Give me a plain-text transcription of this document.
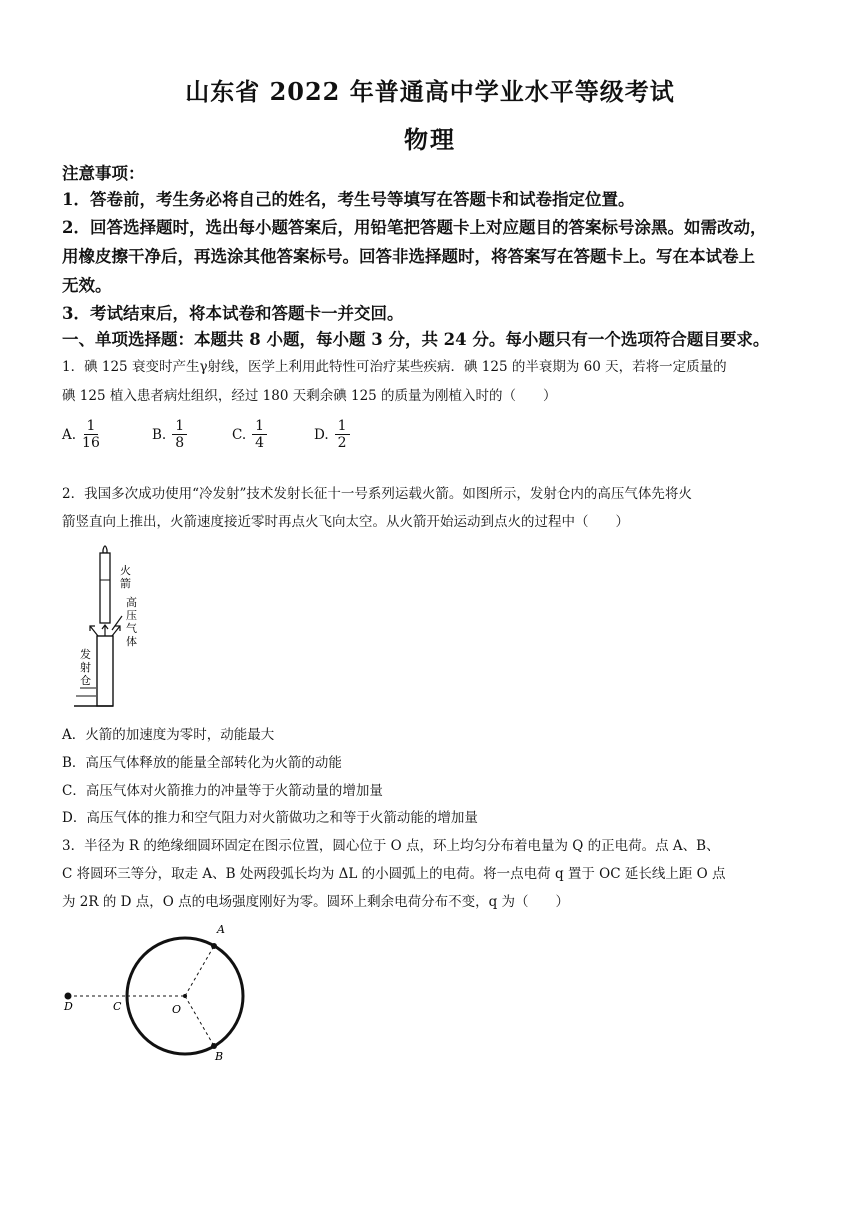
山东省 2022 年普通高中学业水平等级考试
物理
注意事项：
1．答卷前，考生务必将自己的姓名，考生号等填写在答题卡和试卷指定位置。
2．回答选择题时，选出每小题答案后，用铅笔把答题卡上对应题目的答案标号涂黑。如需改动，
用橡皮擦干净后，再选涂其他答案标号。回答非选择题时，将答案写在答题卡上。写在本试卷上
无效。
3．考试结束后，将本试卷和答题卡一并交回。
一、单项选择题：本题共 8 小题，每小题 3 分，共 24 分。每小题只有一个选项符合题目要求。
1．碘 125 衰变时产生γ射线，医学上利用此特性可治疗某些疾病．碘 125 的半衰期为 60 天，若将一定质量的
碘 125 植入患者病灶组织，经过 180 天剩余碘 125 的质量为刚植入时的（　　）
A. $\frac{1}{16}$	B. $\frac{1}{8}$	C. $\frac{1}{4}$	D. $\frac{1}{2}$
2．我国多次成功使用“冷发射”技术发射长征十一号系列运载火箭。如图所示，发射仓内的高压气体先将火
箭竖直向上推出，火箭速度接近零时再点火飞向太空。从火箭开始运动到点火的过程中（　　）
火
箭
高
压
气
体
发
射
仓
A．火箭的加速度为零时，动能最大
B．高压气体释放的能量全部转化为火箭的动能
C．高压气体对火箭推力的冲量等于火箭动量的增加量
D．高压气体的推力和空气阻力对火箭做功之和等于火箭动能的增加量
3．半径为 R 的绝缘细圆环固定在图示位置，圆心位于 O 点，环上均匀分布着电量为 Q 的正电荷。点 A、B、
C 将圆环三等分，取走 A、B 处两段弧长均为 ΔL 的小圆弧上的电荷。将一点电荷 q 置于 OC 延长线上距 O 点
为 2R 的 D 点，O 点的电场强度刚好为零。圆环上剩余电荷分布不变，q 为（　　）
A
B
C
D	O
